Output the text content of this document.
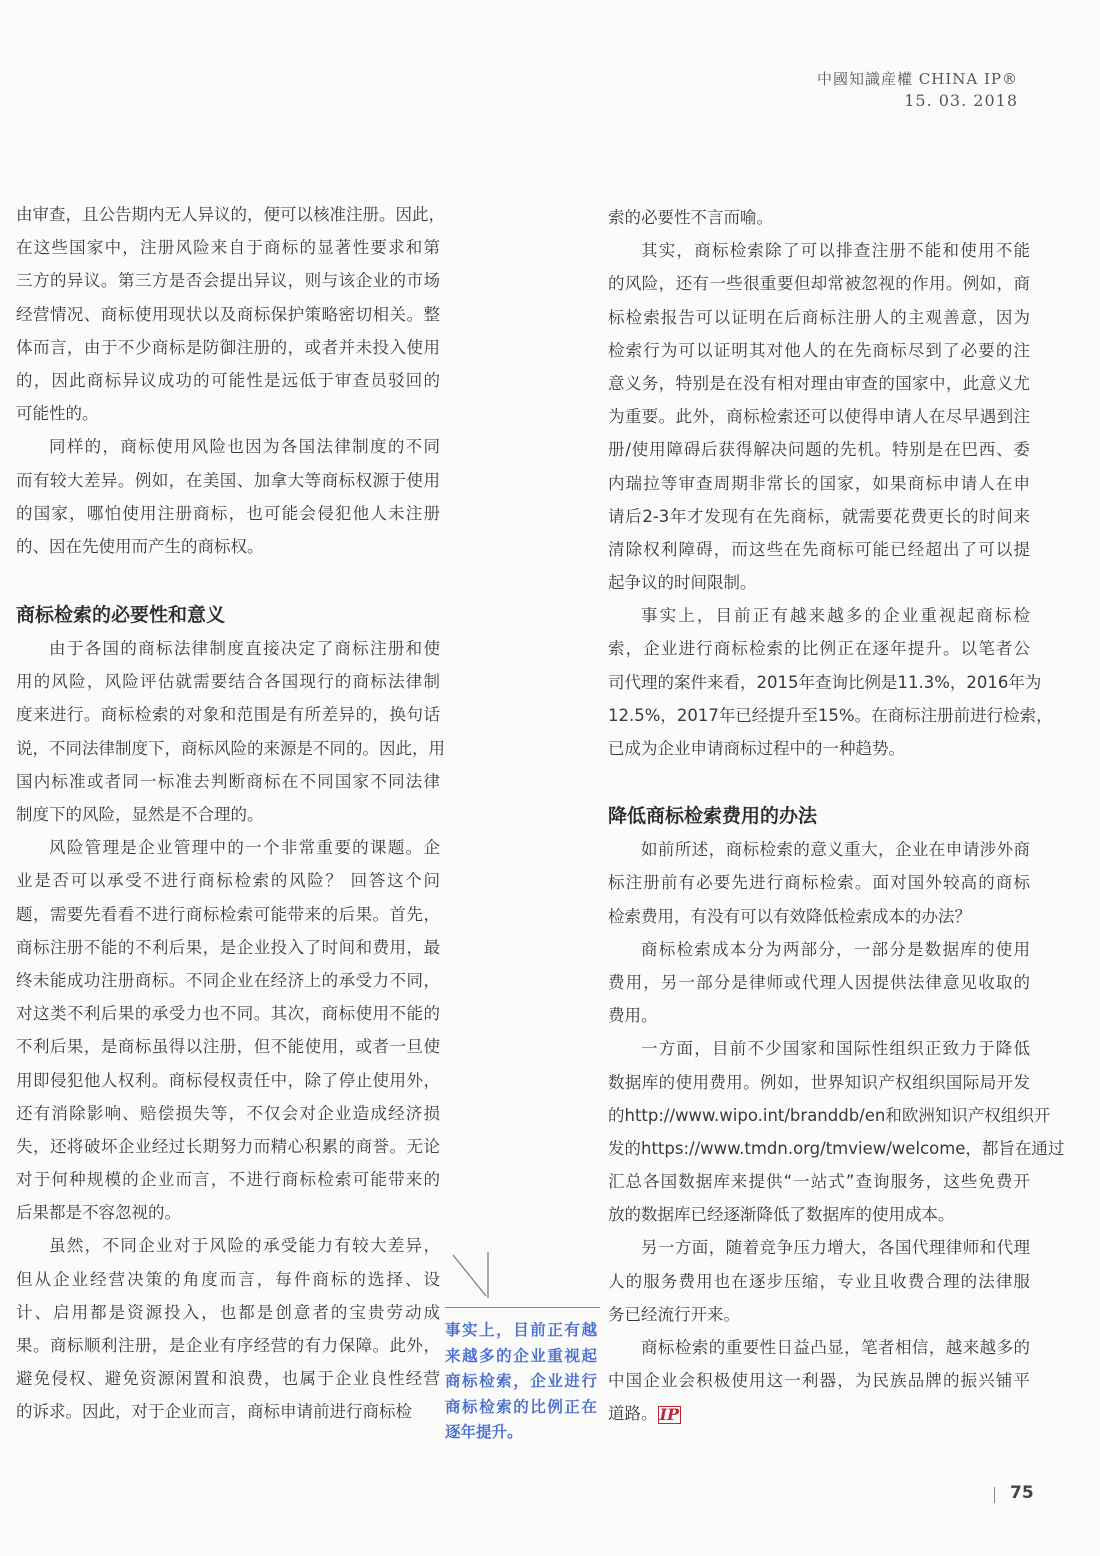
中國知識産權 CHINA IP®
15. 03. 2018
由审查，且公告期内无人异议的，便可以核准注册。因此，
在这些国家中，注册风险来自于商标的显著性要求和第
三方的异议。第三方是否会提出异议，则与该企业的市场
经营情况、商标使用现状以及商标保护策略密切相关。整
体而言，由于不少商标是防御注册的，或者并未投入使用
的，因此商标异议成功的可能性是远低于审查员驳回的
可能性的。
同样的，商标使用风险也因为各国法律制度的不同
而有较大差异。例如，在美国、加拿大等商标权源于使用
的国家，哪怕使用注册商标，也可能会侵犯他人未注册
的、因在先使用而产生的商标权。
商标检索的必要性和意义
由于各国的商标法律制度直接决定了商标注册和使
用的风险，风险评估就需要结合各国现行的商标法律制
度来进行。商标检索的对象和范围是有所差异的，换句话
说，不同法律制度下，商标风险的来源是不同的。因此，用
国内标准或者同一标准去判断商标在不同国家不同法律
制度下的风险，显然是不合理的。
风险管理是企业管理中的一个非常重要的课题。企
业是否可以承受不进行商标检索的风险？ 回答这个问
题，需要先看看不进行商标检索可能带来的后果。首先，
商标注册不能的不利后果，是企业投入了时间和费用，最
终未能成功注册商标。不同企业在经济上的承受力不同，
对这类不利后果的承受力也不同。其次，商标使用不能的
不利后果，是商标虽得以注册，但不能使用，或者一旦使
用即侵犯他人权利。商标侵权责任中，除了停止使用外，
还有消除影响、赔偿损失等，不仅会对企业造成经济损
失，还将破坏企业经过长期努力而精心积累的商誉。无论
对于何种规模的企业而言，不进行商标检索可能带来的
后果都是不容忽视的。
虽然，不同企业对于风险的承受能力有较大差异，
但从企业经营决策的角度而言，每件商标的选择、设
计、启用都是资源投入，也都是创意者的宝贵劳动成
果。商标顺利注册，是企业有序经营的有力保障。此外，
避免侵权、避免资源闲置和浪费，也属于企业良性经营
的诉求。因此，对于企业而言，商标申请前进行商标检
事实上，目前正有越
来越多的企业重视起
商标检索，企业进行
商标检索的比例正在
逐年提升。
索的必要性不言而喻。
其实，商标检索除了可以排查注册不能和使用不能
的风险，还有一些很重要但却常被忽视的作用。例如，商
标检索报告可以证明在后商标注册人的主观善意，因为
检索行为可以证明其对他人的在先商标尽到了必要的注
意义务，特别是在没有相对理由审查的国家中，此意义尤
为重要。此外，商标检索还可以使得申请人在尽早遇到注
册/使用障碍后获得解决问题的先机。特别是在巴西、委
内瑞拉等审查周期非常长的国家，如果商标申请人在申
请后2-3年才发现有在先商标，就需要花费更长的时间来
清除权利障碍，而这些在先商标可能已经超出了可以提
起争议的时间限制。
事实上，目前正有越来越多的企业重视起商标检
索，企业进行商标检索的比例正在逐年提升。以笔者公
司代理的案件来看，2015年查询比例是11.3%，2016年为
12.5%，2017年已经提升至15%。在商标注册前进行检索，
已成为企业申请商标过程中的一种趋势。
降低商标检索费用的办法
如前所述，商标检索的意义重大，企业在申请涉外商
标注册前有必要先进行商标检索。面对国外较高的商标
检索费用，有没有可以有效降低检索成本的办法？
商标检索成本分为两部分，一部分是数据库的使用
费用，另一部分是律师或代理人因提供法律意见收取的
费用。
一方面，目前不少国家和国际性组织正致力于降低
数据库的使用费用。例如，世界知识产权组织国际局开发
的http://www.wipo.int/branddb/en和欧洲知识产权组织开
发的https://www.tmdn.org/tmview/welcome，都旨在通过
汇总各国数据库来提供“一站式”查询服务，这些免费开
放的数据库已经逐渐降低了数据库的使用成本。
另一方面，随着竞争压力增大，各国代理律师和代理
人的服务费用也在逐步压缩，专业且收费合理的法律服
务已经流行开来。
商标检索的重要性日益凸显，笔者相信，越来越多的
中国企业会积极使用这一利器，为民族品牌的振兴铺平
道路。 IP
75
